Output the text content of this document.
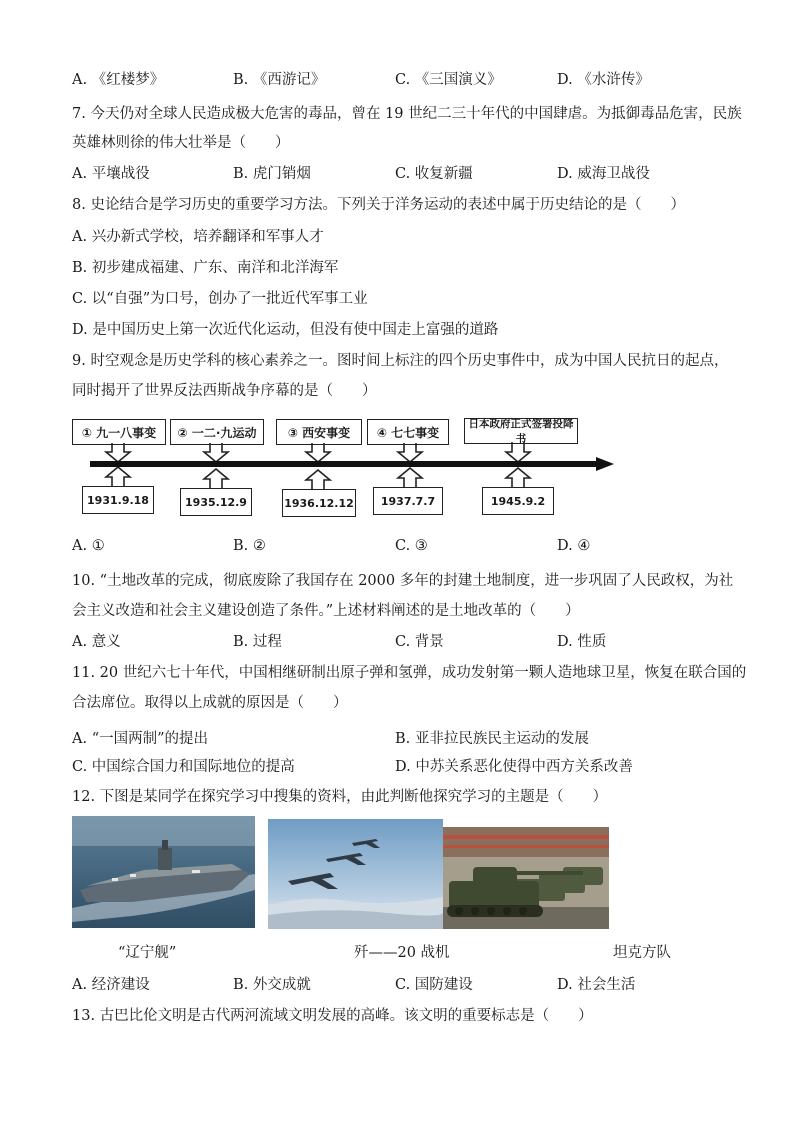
A. 《红楼梦》	B. 《西游记》	C. 《三国演义》	D. 《水浒传》
7. 今天仍对全球人民造成极大危害的毒品，曾在 19 世纪二三十年代的中国肆虐。为抵御毒品危害，民族
英雄林则徐的伟大壮举是（　　）
A. 平壤战役	B. 虎门销烟	C. 收复新疆	D. 威海卫战役
8. 史论结合是学习历史的重要学习方法。下列关于洋务运动的表述中属于历史结论的是（　　）
A. 兴办新式学校，培养翻译和军事人才
B. 初步建成福建、广东、南洋和北洋海军
C. 以“自强”为口号，创办了一批近代军事工业
D. 是中国历史上第一次近代化运动，但没有使中国走上富强的道路
9. 时空观念是历史学科的核心素养之一。图时间上标注的四个历史事件中，成为中国人民抗日的起点，
同时揭开了世界反法西斯战争序幕的是（　　）
① 九一八事变	② 一二·九运动	③ 西安事变	④ 七七事变
日本政府正式签署投降书
1931.9.18	1935.12.9	1936.12.12	1937.7.7	1945.9.2
A. ①	B. ②	C. ③	D. ④
10. “土地改革的完成，彻底废除了我国存在 2000 多年的封建土地制度，进一步巩固了人民政权，为社
会主义改造和社会主义建设创造了条件。”上述材料阐述的是土地改革的（　　）
A. 意义	B. 过程	C. 背景	D. 性质
11. 20 世纪六七十年代，中国相继研制出原子弹和氢弹，成功发射第一颗人造地球卫星，恢复在联合国的
合法席位。取得以上成就的原因是（　　）
A. “一国两制”的提出	B. 亚非拉民族民主运动的发展
C. 中国综合国力和国际地位的提高	D. 中苏关系恶化使得中西方关系改善
12. 下图是某同学在探究学习中搜集的资料，由此判断他探究学习的主题是（　　）
“辽宁舰”	歼——20 战机	坦克方队
A. 经济建设	B. 外交成就	C. 国防建设	D. 社会生活
13. 古巴比伦文明是古代两河流域文明发展的高峰。该文明的重要标志是（　　）
